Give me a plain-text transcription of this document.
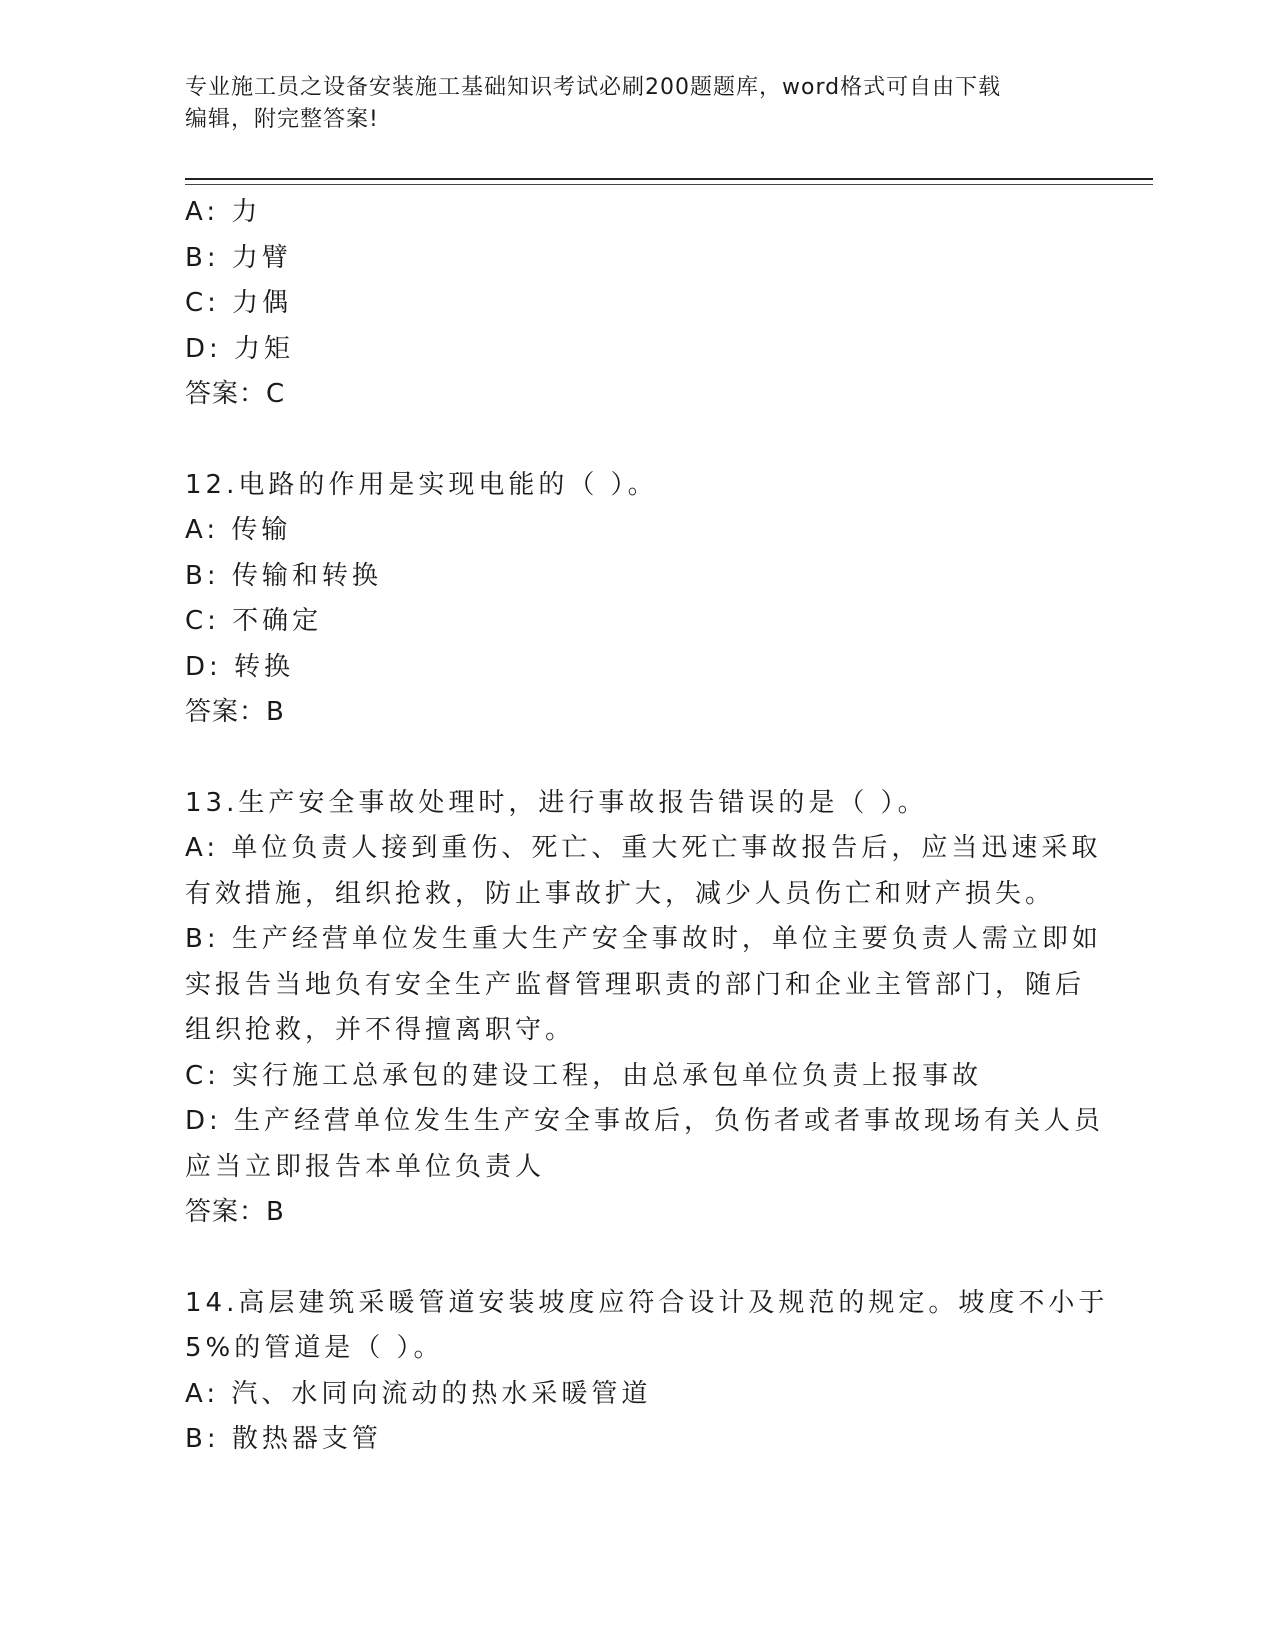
专业施工员之设备安装施工基础知识考试必刷200题题库，word格式可自由下载
编辑，附完整答案!
A: 力
B: 力臂
C: 力偶
D: 力矩
答案：C
12.电路的作用是实现电能的（ ）。
A: 传输
B: 传输和转换
C: 不确定
D: 转换
答案：B
13.生产安全事故处理时，进行事故报告错误的是（ ）。
A: 单位负责人接到重伤、死亡、重大死亡事故报告后，应当迅速采取
有效措施，组织抢救，防止事故扩大，减少人员伤亡和财产损失。
B: 生产经营单位发生重大生产安全事故时，单位主要负责人需立即如
实报告当地负有安全生产监督管理职责的部门和企业主管部门，随后
组织抢救，并不得擅离职守。
C: 实行施工总承包的建设工程，由总承包单位负责上报事故
D: 生产经营单位发生生产安全事故后，负伤者或者事故现场有关人员
应当立即报告本单位负责人
答案：B
14.高层建筑采暖管道安装坡度应符合设计及规范的规定。坡度不小于
5%的管道是（ ）。
A: 汽、水同向流动的热水采暖管道
B: 散热器支管
